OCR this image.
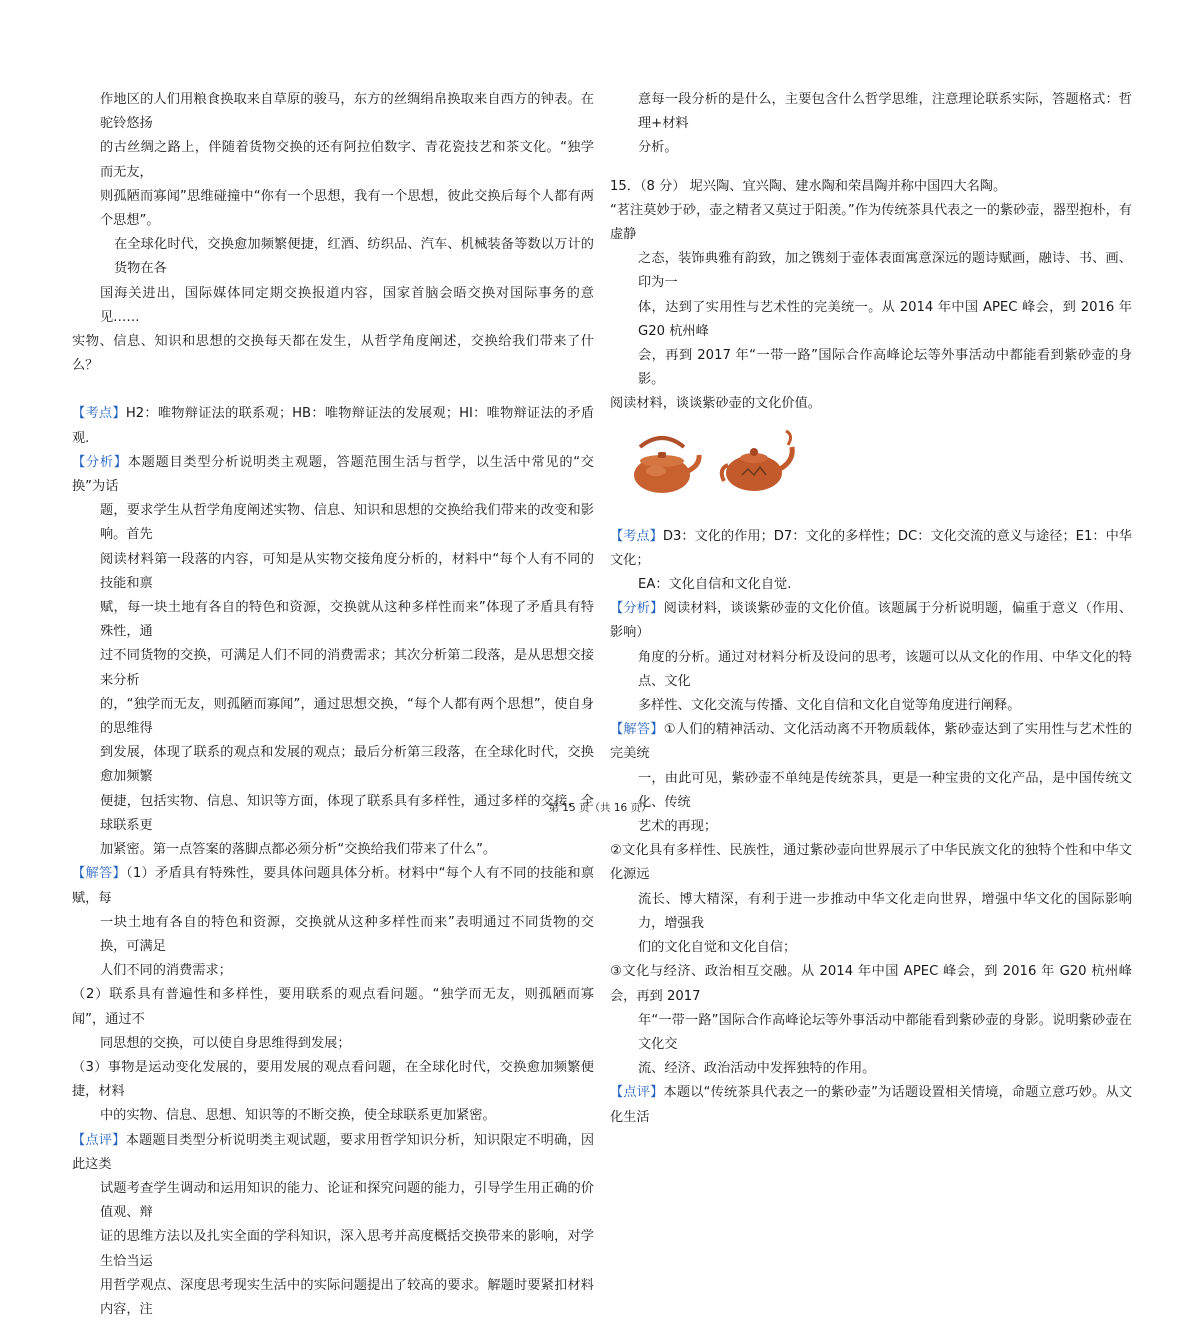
作地区的人们用粮食换取来自草原的骏马，东方的丝绸绢帛换取来自西方的钟表。在驼铃悠扬

的古丝绸之路上，伴随着货物交换的还有阿拉伯数字、青花瓷技艺和茶文化。“独学而无友，

则孤陋而寡闻”思维碰撞中“你有一个思想，我有一个思想，彼此交换后每个人都有两个思想”。

在全球化时代，交换愈加频繁便捷，红酒、纺织品、汽车、机械装备等数以万计的货物在各

国海关进出，国际媒体同定期交换报道内容，国家首脑会晤交换对国际事务的意见……

实物、信息、知识和思想的交换每天都在发生，从哲学角度阐述，交换给我们带来了什么？

【考点】H2：唯物辩证法的联系观；HB：唯物辩证法的发展观；HI：唯物辩证法的矛盾观.

【分析】本题题目类型分析说明类主观题，答题范围生活与哲学，以生活中常见的“交换”为话

题，要求学生从哲学角度阐述实物、信息、知识和思想的交换给我们带来的改变和影响。首先

阅读材料第一段落的内容，可知是从实物交接角度分析的，材料中“每个人有不同的技能和禀

赋，每一块土地有各自的特色和资源，交换就从这种多样性而来”体现了矛盾具有特殊性，通

过不同货物的交换，可满足人们不同的消费需求；其次分析第二段落，是从思想交接来分析

的，“独学而无友，则孤陋而寡闻”，通过思想交换，“每个人都有两个思想”，使自身的思维得

到发展，体现了联系的观点和发展的观点；最后分析第三段落，在全球化时代，交换愈加频繁

便捷，包括实物、信息、知识等方面，体现了联系具有多样性，通过多样的交接，全球联系更

加紧密。第一点答案的落脚点都必须分析“交换给我们带来了什么”。

【解答】（1）矛盾具有特殊性，要具体问题具体分析。材料中“每个人有不同的技能和禀赋，每

一块土地有各自的特色和资源，交换就从这种多样性而来”表明通过不同货物的交换，可满足

人们不同的消费需求；

（2）联系具有普遍性和多样性，要用联系的观点看问题。“独学而无友，则孤陋而寡闻”，通过不

同思想的交换，可以使自身思维得到发展；

（3）事物是运动变化发展的，要用发展的观点看问题，在全球化时代，交换愈加频繁便捷，材料

中的实物、信息、思想、知识等的不断交换，使全球联系更加紧密。

【点评】本题题目类型分析说明类主观试题，要求用哲学知识分析，知识限定不明确，因此这类

试题考查学生调动和运用知识的能力、论证和探究问题的能力，引导学生用正确的价值观、辩

证的思维方法以及扎实全面的学科知识，深入思考并高度概括交换带来的影响，对学生恰当运

用哲学观点、深度思考现实生活中的实际问题提出了较高的要求。解题时要紧扣材料内容，注

意每一段分析的是什么，主要包含什么哲学思维，注意理论联系实际，答题格式：哲理+材料

分析。

15．（8 分） 坭兴陶、宜兴陶、建水陶和荣昌陶并称中国四大名陶。

“茗注莫妙于砂，壶之精者又莫过于阳羡。”作为传统茶具代表之一的紫砂壶，器型抱朴，有虚静

之态，装饰典雅有韵致，加之镌刻于壶体表面寓意深远的题诗赋画，融诗、书、画、印为一

体，达到了实用性与艺术性的完美统一。从 2014 年中国 APEC 峰会，到 2016 年 G20 杭州峰

会，再到 2017 年“一带一路”国际合作高峰论坛等外事活动中都能看到紫砂壶的身影。

阅读材料，谈谈紫砂壶的文化价值。

【考点】D3：文化的作用；D7：文化的多样性；DC：文化交流的意义与途径；E1：中华文化；

EA：文化自信和文化自觉.

【分析】阅读材料，谈谈紫砂壶的文化价值。该题属于分析说明题，偏重于意义（作用、影响）

角度的分析。通过对材料分析及设问的思考，该题可以从文化的作用、中华文化的特点、文化

多样性、文化交流与传播、文化自信和文化自觉等角度进行阐释。

【解答】①人们的精神活动、文化活动离不开物质载体，紫砂壶达到了实用性与艺术性的完美统

一，由此可见，紫砂壶不单纯是传统茶具，更是一种宝贵的文化产品，是中国传统文化、传统

艺术的再现；

②文化具有多样性、民族性，通过紫砂壶向世界展示了中华民族文化的独特个性和中华文化源远

流长、博大精深，有利于进一步推动中华文化走向世界，增强中华文化的国际影响力，增强我

们的文化自觉和文化自信；

③文化与经济、政治相互交融。从 2014 年中国 APEC 峰会，到 2016 年 G20 杭州峰会，再到 2017

年“一带一路”国际合作高峰论坛等外事活动中都能看到紫砂壶的身影。说明紫砂壶在文化交

流、经济、政治活动中发挥独特的作用。

【点评】本题以“传统茶具代表之一的紫砂壶”为话题设置相关情境，命题立意巧妙。从文化生活

第 15 页（共 16 页）
